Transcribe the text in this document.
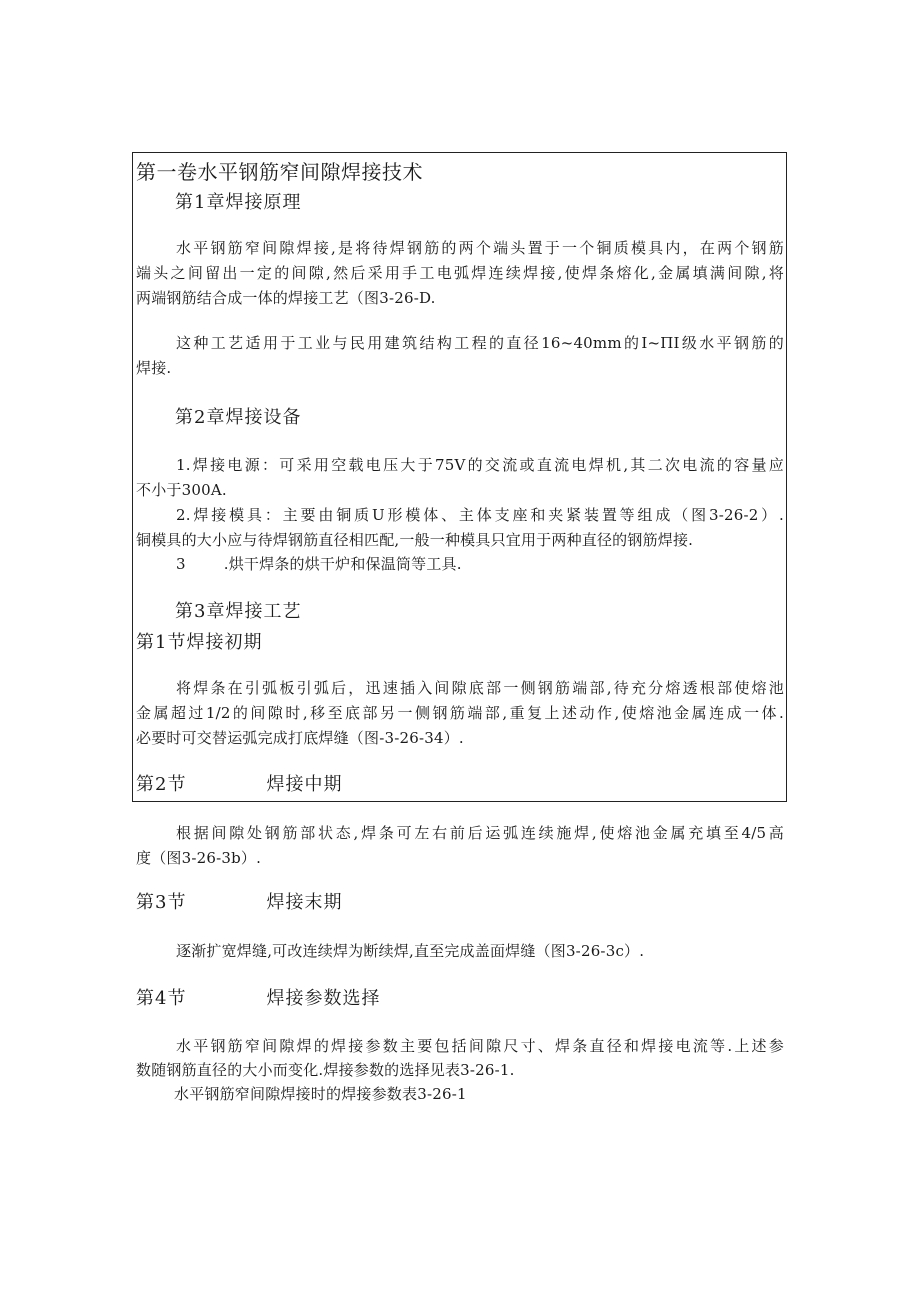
第一卷水平钢筋窄间隙焊接技术
第1章焊接原理
水平钢筋窄间隙焊接,是将待焊钢筋的两个端头置于一个铜质模具内，在两个钢筋
端头之间留出一定的间隙,然后采用手工电弧焊连续焊接,使焊条熔化,金属填满间隙,将
两端钢筋结合成一体的焊接工艺（图3-26-D.
这种工艺适用于工业与民用建筑结构工程的直径16~40mm的I~ΠI级水平钢筋的
焊接.
第2章焊接设备
1.焊接电源：可采用空载电压大于75V的交流或直流电焊机,其二次电流的容量应
不小于300A.
2.焊接模具：主要由铜质U形模体、主体支座和夹紧装置等组成（图3-26-2）.
铜模具的大小应与待焊钢筋直径相匹配,一般一种模具只宜用于两种直径的钢筋焊接.
3	.烘干焊条的烘干炉和保温筒等工具.
第3章焊接工艺
第1节焊接初期
将焊条在引弧板引弧后，迅速插入间隙底部一侧钢筋端部,待充分熔透根部使熔池
金属超过1/2的间隙时,移至底部另一侧钢筋端部,重复上述动作,使熔池金属连成一体.
必要时可交替运弧完成打底焊缝（图-3-26-34）.
第2节	焊接中期
根据间隙处钢筋部状态,焊条可左右前后运弧连续施焊,使熔池金属充填至4/5高
度（图3-26-3b）.
第3节	焊接末期
逐渐扩宽焊缝,可改连续焊为断续焊,直至完成盖面焊缝（图3-26-3c）.
第4节	焊接参数选择
水平钢筋窄间隙焊的焊接参数主要包括间隙尺寸、焊条直径和焊接电流等.上述参
数随钢筋直径的大小而变化.焊接参数的选择见表3-26-1.
水平钢筋窄间隙焊接时的焊接参数表3-26-1
